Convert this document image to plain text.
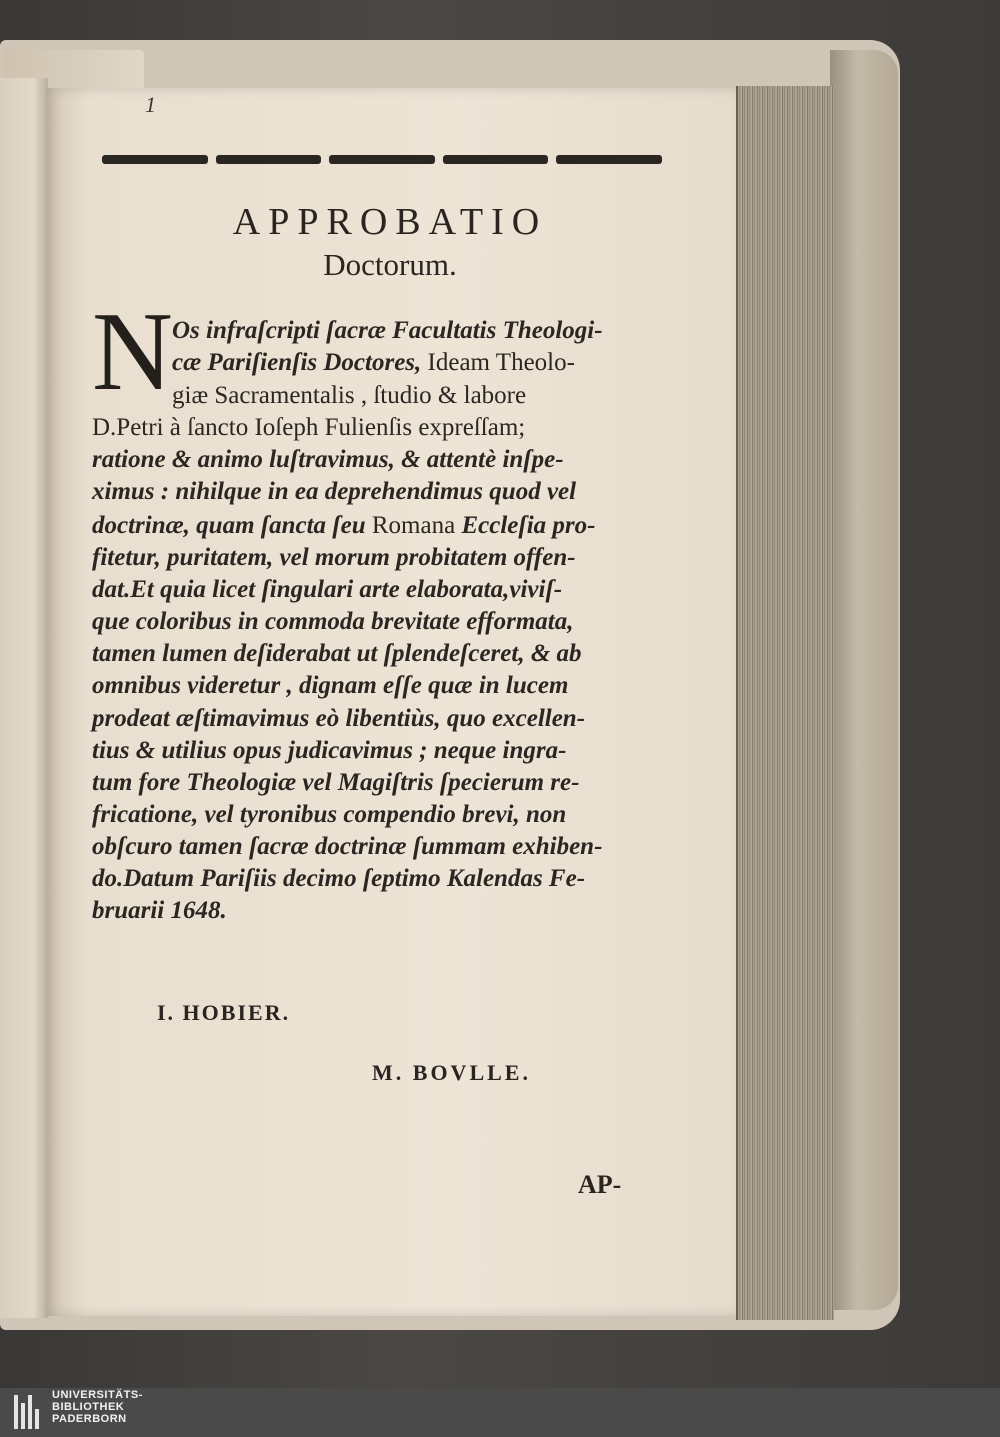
1
APPROBATIO
Doctorum.
N Os infraſcripti ſacræ Facultatis Theologi-
cæ Pariſienſis Doctores, Ideam Theolo-
giæ Sacramentalis , ſtudio & labore
D.Petri à ſancto Ioſeph Fulienſis expreſſam;
ratione & animo luſtravimus, & attentè inſpe-
ximus : nihilque in ea deprehendimus quod vel
doctrinæ, quam ſancta ſeu Romana Eccleſia pro-
fitetur, puritatem, vel morum probitatem offen-
dat.Et quia licet ſingulari arte elaborata,viviſ-
que coloribus in commoda brevitate efformata,
tamen lumen deſiderabat ut ſplendeſceret, & ab
omnibus videretur , dignam eſſe quæ in lucem
prodeat æſtimavimus eò libentiùs, quo excellen-
tius & utilius opus judicavimus ; neque ingra-
tum fore Theologiæ vel Magiſtris ſpecierum re-
fricatione, vel tyronibus compendio brevi, non
obſcuro tamen ſacræ doctrinæ ſummam exhiben-
do.Datum Pariſiis decimo ſeptimo Kalendas Fe-
bruarii 1648.
I. HOBIER.
M. BOVLLE.
AP-
UNIVERSITÄTS-
BIBLIOTHEK
PADERBORN
